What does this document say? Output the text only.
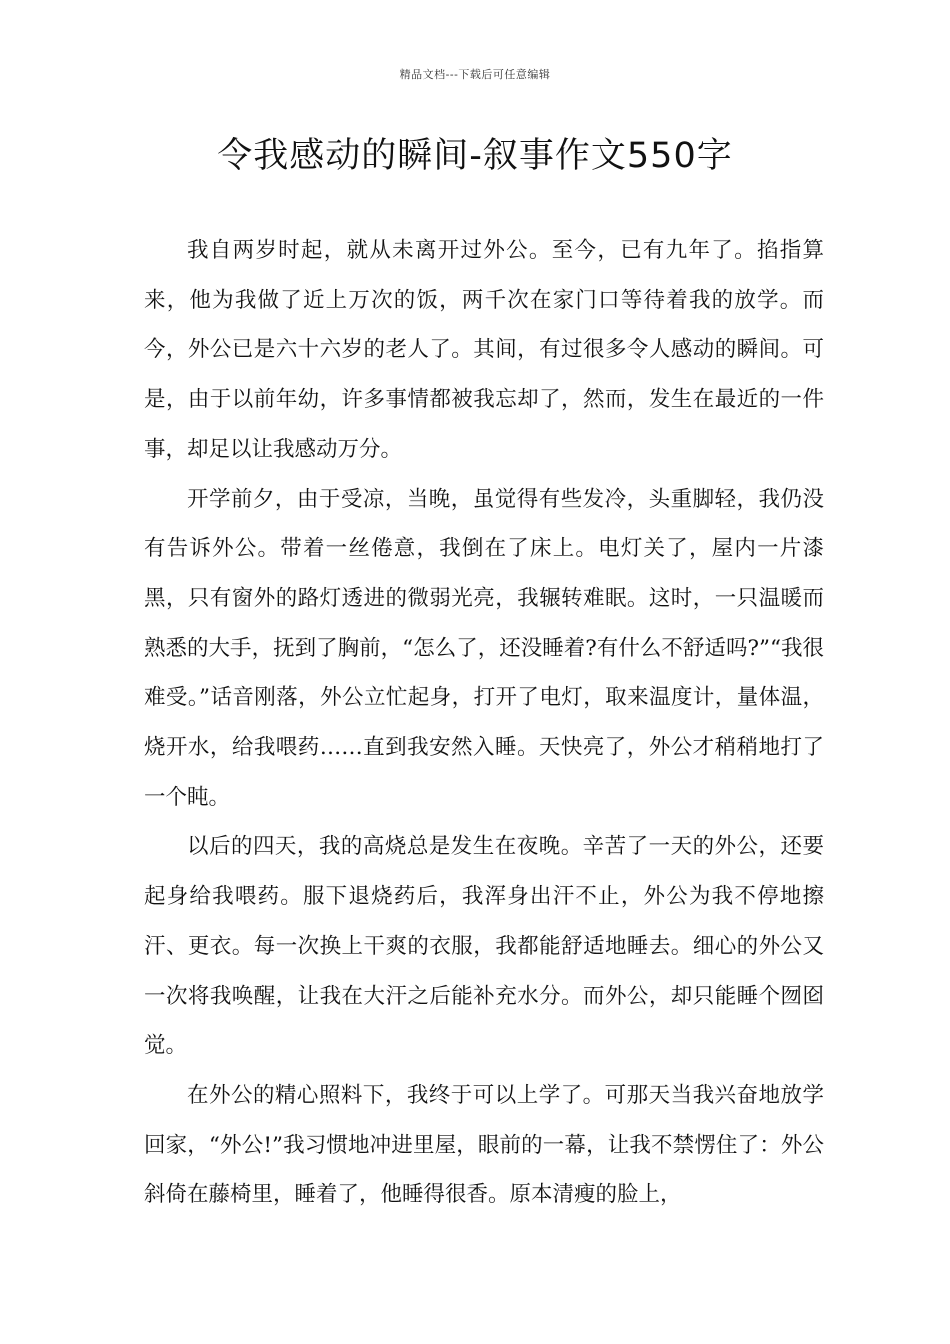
精品文档---下载后可任意编辑
令我感动的瞬间-叙事作文550字

我自两岁时起，就从未离开过外公。至今，已有九年了。掐指算来，他为我做了近上万次的饭，两千次在家门口等待着我的放学。而今，外公已是六十六岁的老人了。其间，有过很多令人感动的瞬间。可是，由于以前年幼，许多事情都被我忘却了，然而，发生在最近的一件事，却足以让我感动万分。

开学前夕，由于受凉，当晚，虽觉得有些发冷，头重脚轻，我仍没有告诉外公。带着一丝倦意，我倒在了床上。电灯关了，屋内一片漆黑，只有窗外的路灯透进的微弱光亮，我辗转难眠。这时，一只温暖而熟悉的大手，抚到了胸前，“怎么了，还没睡着?有什么不舒适吗?”“我很难受。”话音刚落，外公立忙起身，打开了电灯，取来温度计，量体温，烧开水，给我喂药……直到我安然入睡。天快亮了，外公才稍稍地打了一个盹。

以后的四天，我的高烧总是发生在夜晚。辛苦了一天的外公，还要起身给我喂药。服下退烧药后，我浑身出汗不止，外公为我不停地擦汗、更衣。每一次换上干爽的衣服，我都能舒适地睡去。细心的外公又一次将我唤醒，让我在大汗之后能补充水分。而外公，却只能睡个囫囵觉。

在外公的精心照料下，我终于可以上学了。可那天当我兴奋地放学回家，“外公!”我习惯地冲进里屋，眼前的一幕，让我不禁愣住了：外公斜倚在藤椅里，睡着了，他睡得很香。原本清瘦的脸上，
